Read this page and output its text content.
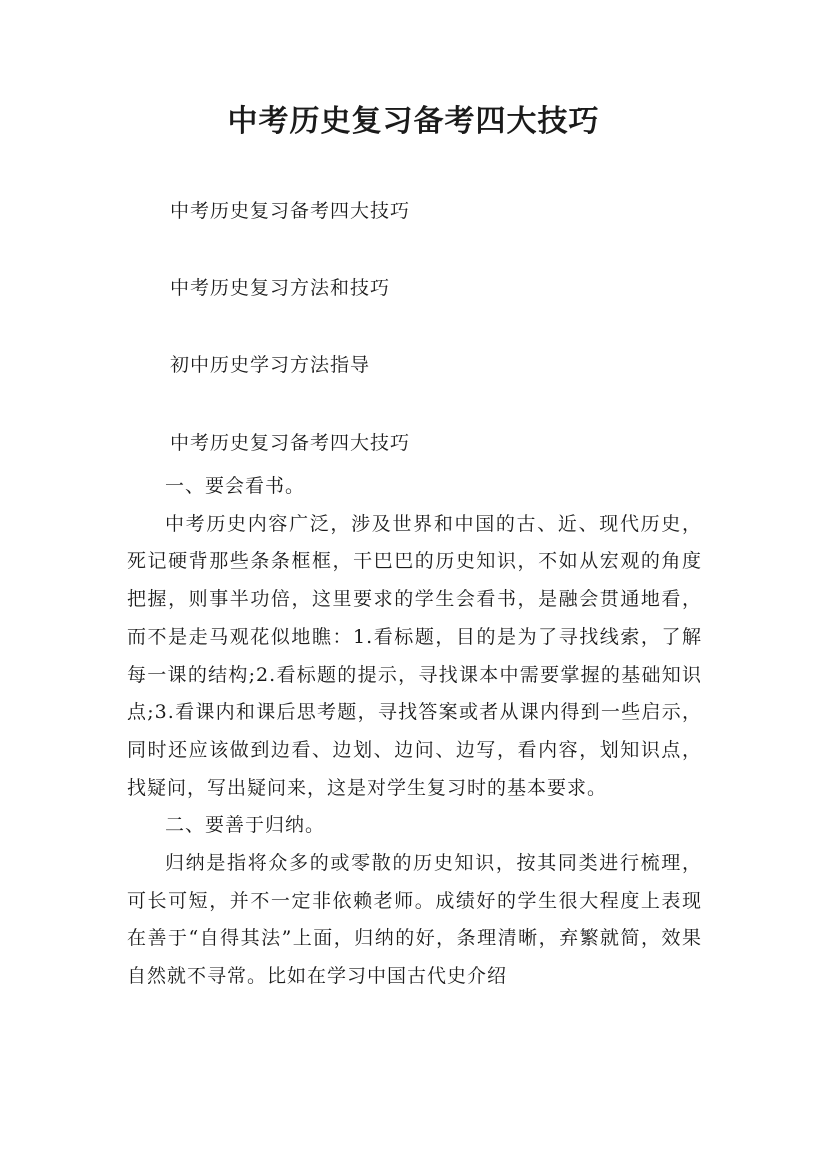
中考历史复习备考四大技巧
中考历史复习备考四大技巧
中考历史复习方法和技巧
初中历史学习方法指导
中考历史复习备考四大技巧

一、要会看书。

中考历史内容广泛，涉及世界和中国的古、近、现代历史，死记硬背那些条条框框，干巴巴的历史知识，不如从宏观的角度把握，则事半功倍，这里要求的学生会看书，是融会贯通地看，而不是走马观花似地瞧：1.看标题，目的是为了寻找线索，了解每一课的结构;2.看标题的提示，寻找课本中需要掌握的基础知识点;3.看课内和课后思考题，寻找答案或者从课内得到一些启示，同时还应该做到边看、边划、边问、边写，看内容，划知识点，找疑问，写出疑问来，这是对学生复习时的基本要求。

二、要善于归纳。

归纳是指将众多的或零散的历史知识，按其同类进行梳理，可长可短，并不一定非依赖老师。成绩好的学生很大程度上表现在善于“自得其法”上面，归纳的好，条理清晰，弃繁就简，效果自然就不寻常。比如在学习中国古代史介绍
